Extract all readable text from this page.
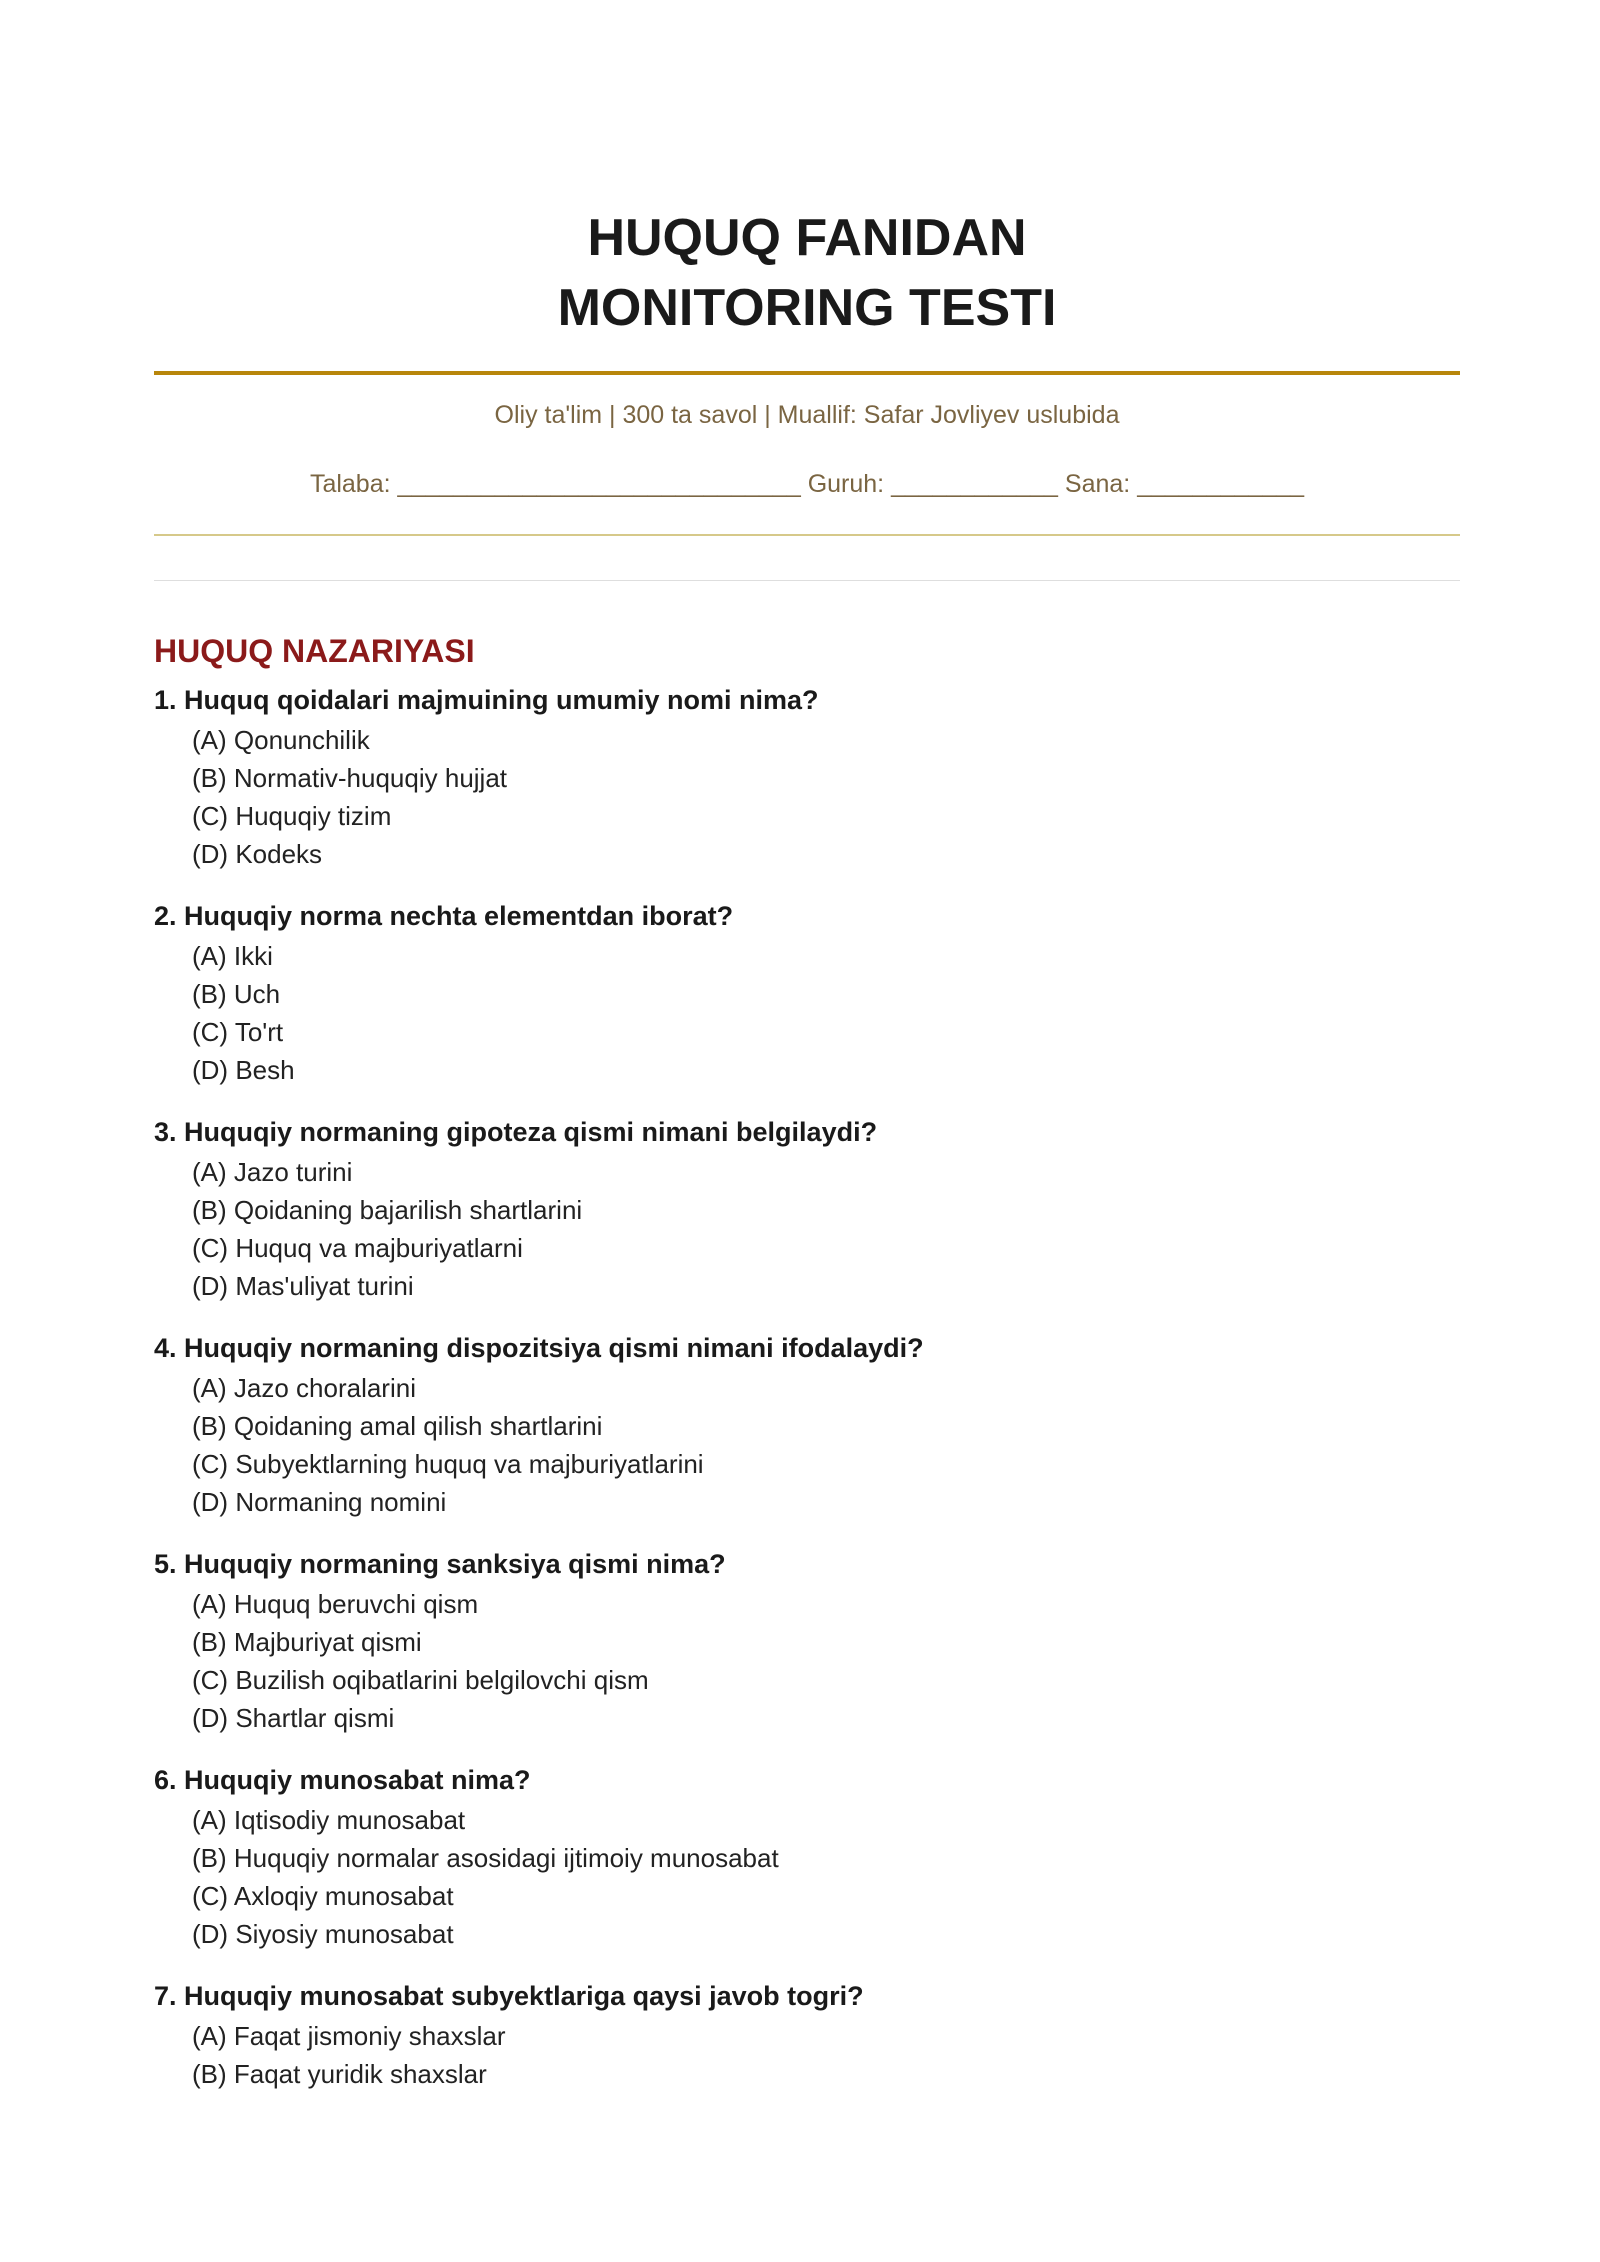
HUQUQ FANIDAN
MONITORING TESTI
Oliy ta'lim | 300 ta savol | Muallif: Safar Jovliyev uslubida
Talaba: _____________________________ Guruh: ____________ Sana: ____________
HUQUQ NAZARIYASI
1. Huquq qoidalari majmuining umumiy nomi nima?
(A) Qonunchilik
(B) Normativ-huquqiy hujjat
(C) Huquqiy tizim
(D) Kodeks
2. Huquqiy norma nechta elementdan iborat?
(A) Ikki
(B) Uch
(C) To'rt
(D) Besh
3. Huquqiy normaning gipoteza qismi nimani belgilaydi?
(A) Jazo turini
(B) Qoidaning bajarilish shartlarini
(C) Huquq va majburiyatlarni
(D) Mas'uliyat turini
4. Huquqiy normaning dispozitsiya qismi nimani ifodalaydi?
(A) Jazo choralarini
(B) Qoidaning amal qilish shartlarini
(C) Subyektlarning huquq va majburiyatlarini
(D) Normaning nomini
5. Huquqiy normaning sanksiya qismi nima?
(A) Huquq beruvchi qism
(B) Majburiyat qismi
(C) Buzilish oqibatlarini belgilovchi qism
(D) Shartlar qismi
6. Huquqiy munosabat nima?
(A) Iqtisodiy munosabat
(B) Huquqiy normalar asosidagi ijtimoiy munosabat
(C) Axloqiy munosabat
(D) Siyosiy munosabat
7. Huquqiy munosabat subyektlariga qaysi javob togri?
(A) Faqat jismoniy shaxslar
(B) Faqat yuridik shaxslar
